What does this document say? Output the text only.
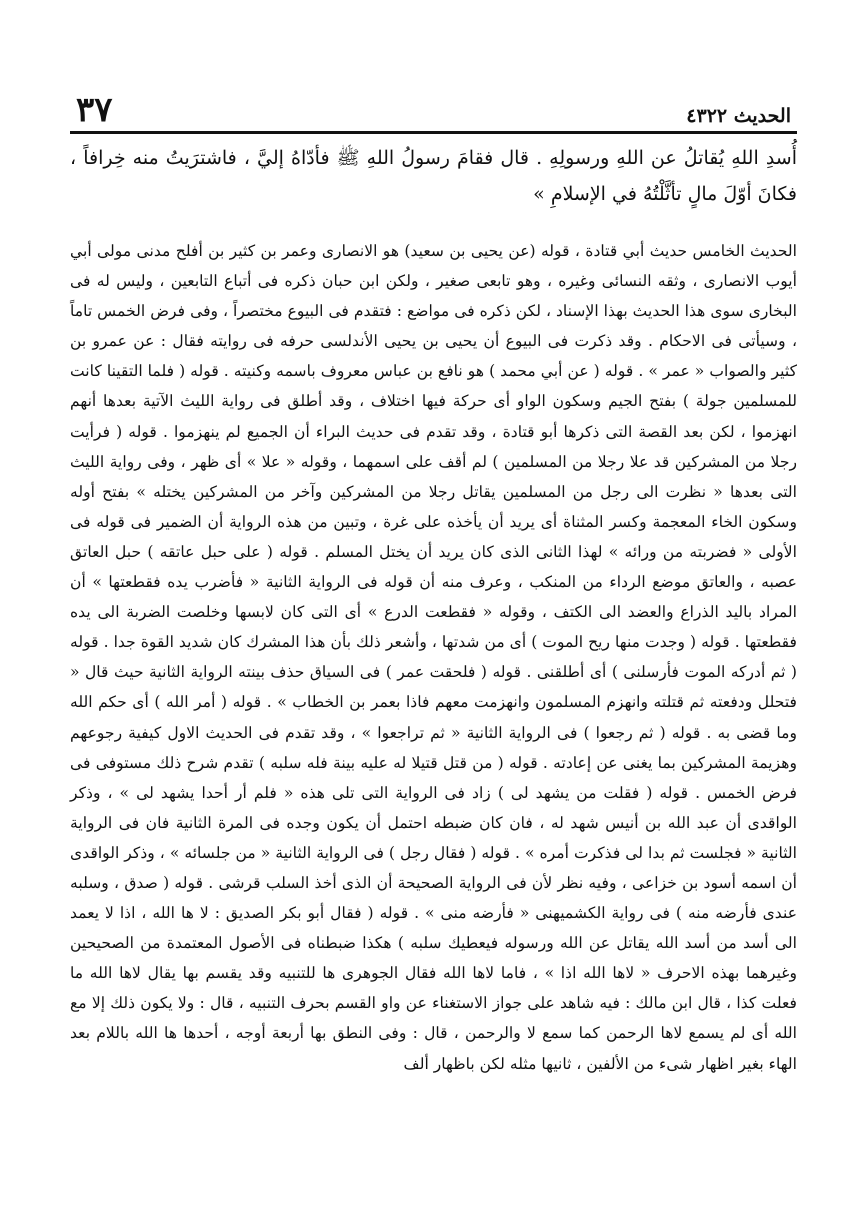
الحديث ٤٣٢٢
٣٧
أُسدِ اللهِ يُقاتلُ عن اللهِ ورسولِهِ . قال فقامَ رسولُ اللهِ ﷺ فأدّاهُ إليَّ ، فاشترَيتُ منه خِرافاً ، فكانَ أوّلَ مالٍ تأثَّلْتُهُ في الإسلامِ »

الحديث الخامس حديث أبي قتادة ، قوله (عن يحيى بن سعيد) هو الانصارى وعمر بن كثير بن أفلح مدنى مولى أبي أيوب الانصارى ، وثقه النسائى وغيره ، وهو تابعى صغير ، ولكن ابن حبان ذكره فى أتباع التابعين ، وليس له فى البخارى سوى هذا الحديث بهذا الإسناد ، لكن ذكره فى مواضع : فتقدم فى البيوع مختصراً ، وفى فرض الخمس تاماً ، وسيأتى فى الاحكام . وقد ذكرت فى البيوع أن يحيى بن يحيى الأندلسى حرفه فى روايته فقال : عن عمرو بن كثير والصواب « عمر » . قوله ( عن أبي محمد ) هو نافع بن عباس معروف باسمه وكنيته . قوله ( فلما التقينا كانت للمسلمين جولة ) بفتح الجيم وسكون الواو أى حركة فيها اختلاف ، وقد أطلق فى رواية الليث الآتية بعدها أنهم انهزموا ، لكن بعد القصة التى ذكرها أبو قتادة ، وقد تقدم فى حديث البراء أن الجميع لم ينهزموا . قوله ( فرأيت رجلا من المشركين قد علا رجلا من المسلمين ) لم أقف على اسمهما ، وقوله « علا » أى ظهر ، وفى رواية الليث التى بعدها « نظرت الى رجل من المسلمين يقاتل رجلا من المشركين وآخر من المشركين يختله » بفتح أوله وسكون الخاء المعجمة وكسر المثناة أى يريد أن يأخذه على غرة ، وتبين من هذه الرواية أن الضمير فى قوله فى الأولى « فضربته من ورائه » لهذا الثانى الذى كان يريد أن يختل المسلم . قوله ( على حبل عاتقه ) حبل العاتق عصبه ، والعاتق موضع الرداء من المنكب ، وعرف منه أن قوله فى الرواية الثانية « فأضرب يده فقطعتها » أن المراد باليد الذراع والعضد الى الكتف ، وقوله « فقطعت الدرع » أى التى كان لابسها وخلصت الضربة الى يده فقطعتها . قوله ( وجدت منها ريح الموت ) أى من شدتها ، وأشعر ذلك بأن هذا المشرك كان شديد القوة جدا . قوله ( ثم أدركه الموت فأرسلنى ) أى أطلقنى . قوله ( فلحقت عمر ) فى السياق حذف بينته الرواية الثانية حيث قال « فتحلل ودفعته ثم قتلته وانهزم المسلمون وانهزمت معهم فاذا بعمر بن الخطاب » . قوله ( أمر الله ) أى حكم الله وما قضى به . قوله ( ثم رجعوا ) فى الرواية الثانية « ثم تراجعوا » ، وقد تقدم فى الحديث الاول كيفية رجوعهم وهزيمة المشركين بما يغنى عن إعادته . قوله ( من قتل قتيلا له عليه بينة فله سلبه ) تقدم شرح ذلك مستوفى فى فرض الخمس . قوله ( فقلت من يشهد لى ) زاد فى الرواية التى تلى هذه « فلم أر أحدا يشهد لى » ، وذكر الواقدى أن عبد الله بن أنيس شهد له ، فان كان ضبطه احتمل أن يكون وجده فى المرة الثانية فان فى الرواية الثانية « فجلست ثم بدا لى فذكرت أمره » . قوله ( فقال رجل ) فى الرواية الثانية « من جلسائه » ، وذكر الواقدى أن اسمه أسود بن خزاعى ، وفيه نظر لأن فى الرواية الصحيحة أن الذى أخذ السلب قرشى . قوله ( صدق ، وسلبه عندى فأرضه منه ) فى رواية الكشميهنى « فأرضه منى » . قوله ( فقال أبو بكر الصديق : لا ها الله ، اذا لا يعمد الى أسد من أسد الله يقاتل عن الله ورسوله فيعطيك سلبه ) هكذا ضبطناه فى الأصول المعتمدة من الصحيحين وغيرهما بهذه الاحرف « لاها الله اذا » ، فاما لاها الله فقال الجوهرى ها للتنبيه وقد يقسم بها يقال لاها الله ما فعلت كذا ، قال ابن مالك : فيه شاهد على جواز الاستغناء عن واو القسم بحرف التنبيه ، قال : ولا يكون ذلك إلا مع الله أى لم يسمع لاها الرحمن كما سمع لا والرحمن ، قال : وفى النطق بها أربعة أوجه ، أحدها ها الله باللام بعد الهاء بغير اظهار شىء من الألفين ، ثانيها مثله لكن باظهار ألف
